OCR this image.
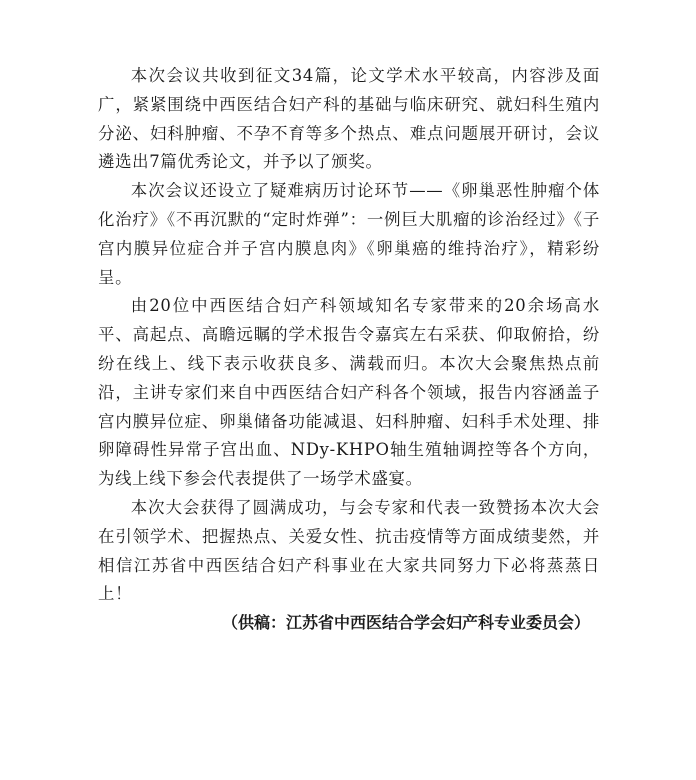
本次会议共收到征文34篇，论文学术水平较高，内容涉及面广，紧紧围绕中西医结合妇产科的基础与临床研究、就妇科生殖内分泌、妇科肿瘤、不孕不育等多个热点、难点问题展开研讨，会议遴选出7篇优秀论文，并予以了颁奖。

本次会议还设立了疑难病历讨论环节——《卵巢恶性肿瘤个体化治疗》《不再沉默的“定时炸弹”：一例巨大肌瘤的诊治经过》《子宫内膜异位症合并子宫内膜息肉》《卵巢癌的维持治疗》，精彩纷呈。

由20位中西医结合妇产科领域知名专家带来的20余场高水平、高起点、高瞻远瞩的学术报告令嘉宾左右采获、仰取俯拾，纷纷在线上、线下表示收获良多、满载而归。本次大会聚焦热点前沿，主讲专家们来自中西医结合妇产科各个领域，报告内容涵盖子宫内膜异位症、卵巢储备功能减退、妇科肿瘤、妇科手术处理、排卵障碍性异常子宫出血、NDy-KHPO轴生殖轴调控等各个方向，为线上线下参会代表提供了一场学术盛宴。

本次大会获得了圆满成功，与会专家和代表一致赞扬本次大会在引领学术、把握热点、关爱女性、抗击疫情等方面成绩斐然，并相信江苏省中西医结合妇产科事业在大家共同努力下必将蒸蒸日上！

（供稿：江苏省中西医结合学会妇产科专业委员会）
